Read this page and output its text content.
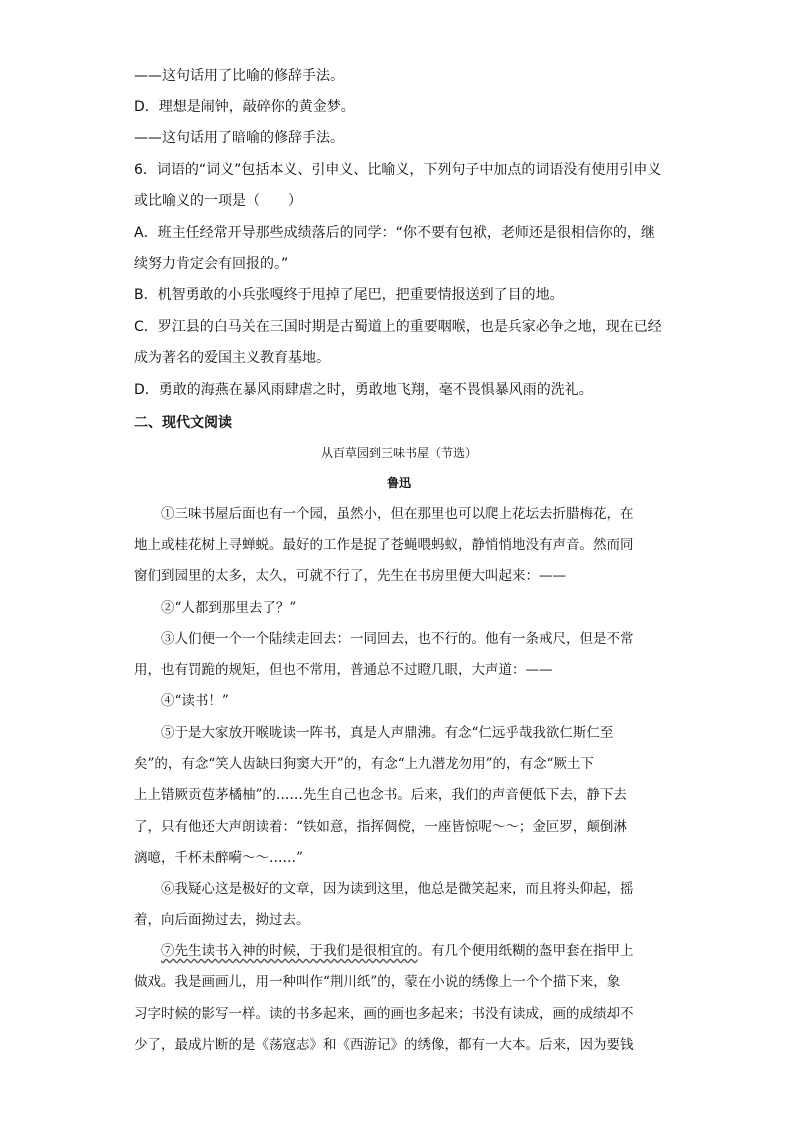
——这句话用了比喻的修辞手法。
D．理想是闹钟，敲碎你的黄金梦。
——这句话用了暗喻的修辞手法。
6．词语的“词义”包括本义、引申义、比喻义，下列句子中加点的词语没有使用引申义
或比喻义的一项是（　　）
A．班主任经常开导那些成绩落后的同学：“你不要有包袱，老师还是很相信你的，继
续努力肯定会有回报的。”
B．机智勇敢的小兵张嘎终于甩掉了尾巴，把重要情报送到了目的地。
C．罗江县的白马关在三国时期是古蜀道上的重要咽喉，也是兵家必争之地，现在已经
成为著名的爱国主义教育基地。
D．勇敢的海燕在暴风雨肆虐之时，勇敢地飞翔，毫不畏惧暴风雨的洗礼。
二、现代文阅读
从百草园到三味书屋（节选）
鲁迅
①三味书屋后面也有一个园，虽然小，但在那里也可以爬上花坛去折腊梅花，在
地上或桂花树上寻蝉蜕。最好的工作是捉了苍蝇喂蚂蚁，静悄悄地没有声音。然而同
窗们到园里的太多，太久，可就不行了，先生在书房里便大叫起来：——
②“人都到那里去了？”
③人们便一个一个陆续走回去：一同回去，也不行的。他有一条戒尺，但是不常
用，也有罚跪的规矩，但也不常用，普通总不过瞪几眼，大声道：——
④“读书！”
⑤于是大家放开喉咙读一阵书，真是人声鼎沸。有念“仁远乎哉我欲仁斯仁至
矣”的，有念“笑人齿缺曰狗窦大开”的，有念“上九潜龙勿用”的，有念“厥土下
上上错厥贡苞茅橘柚”的……先生自己也念书。后来，我们的声音便低下去，静下去
了，只有他还大声朗读着：“铁如意，指挥倜傥，一座皆惊呢～～；金叵罗，颠倒淋
漓噫，千杯未醉嗬～～……”
⑥我疑心这是极好的文章，因为读到这里，他总是微笑起来，而且将头仰起，摇
着，向后面拗过去，拗过去。
⑦先生读书入神的时候，于我们是很相宜的。有几个便用纸糊的盔甲套在指甲上
做戏。我是画画儿，用一种叫作“荆川纸”的，蒙在小说的绣像上一个个描下来，象
习字时候的影写一样。读的书多起来，画的画也多起来；书没有读成，画的成绩却不
少了，最成片断的是《荡寇志》和《西游记》的绣像，都有一大本。后来，因为要钱
